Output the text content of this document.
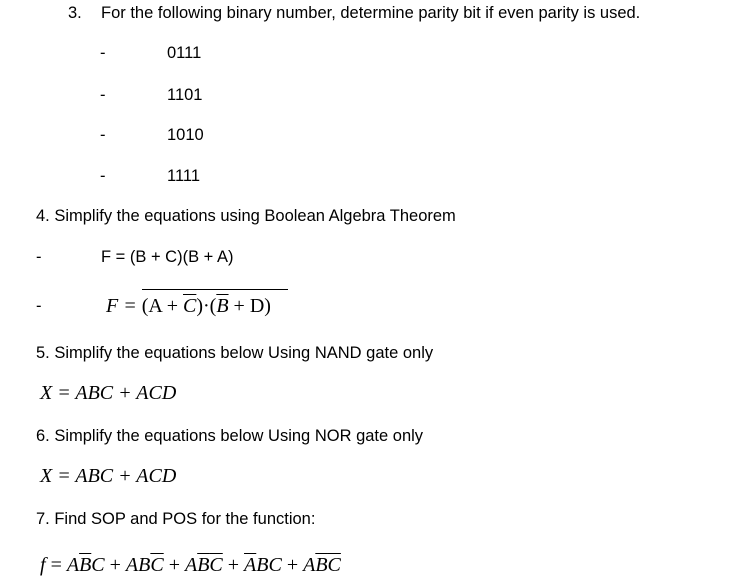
3. For the following binary number, determine parity bit if even parity is used.
-	0111
-	1101
-	1010
-	1111
4. Simplify the equations using Boolean Algebra Theorem
-	F = (B + C)(B + A)
-	$F = (A + \overline{C})\cdot(\overline{B} + D)$
5. Simplify the equations below Using NAND gate only
X = ABC + ACD
6. Simplify the equations below Using NOR gate only
X = ABC + ACD
7. Find SOP and POS for the function:
$f = A\overline{B}C + AB\overline{C} + A\overline{B}\overline{C} + \overline{A}BC + A\overline{B}\overline{C}$
